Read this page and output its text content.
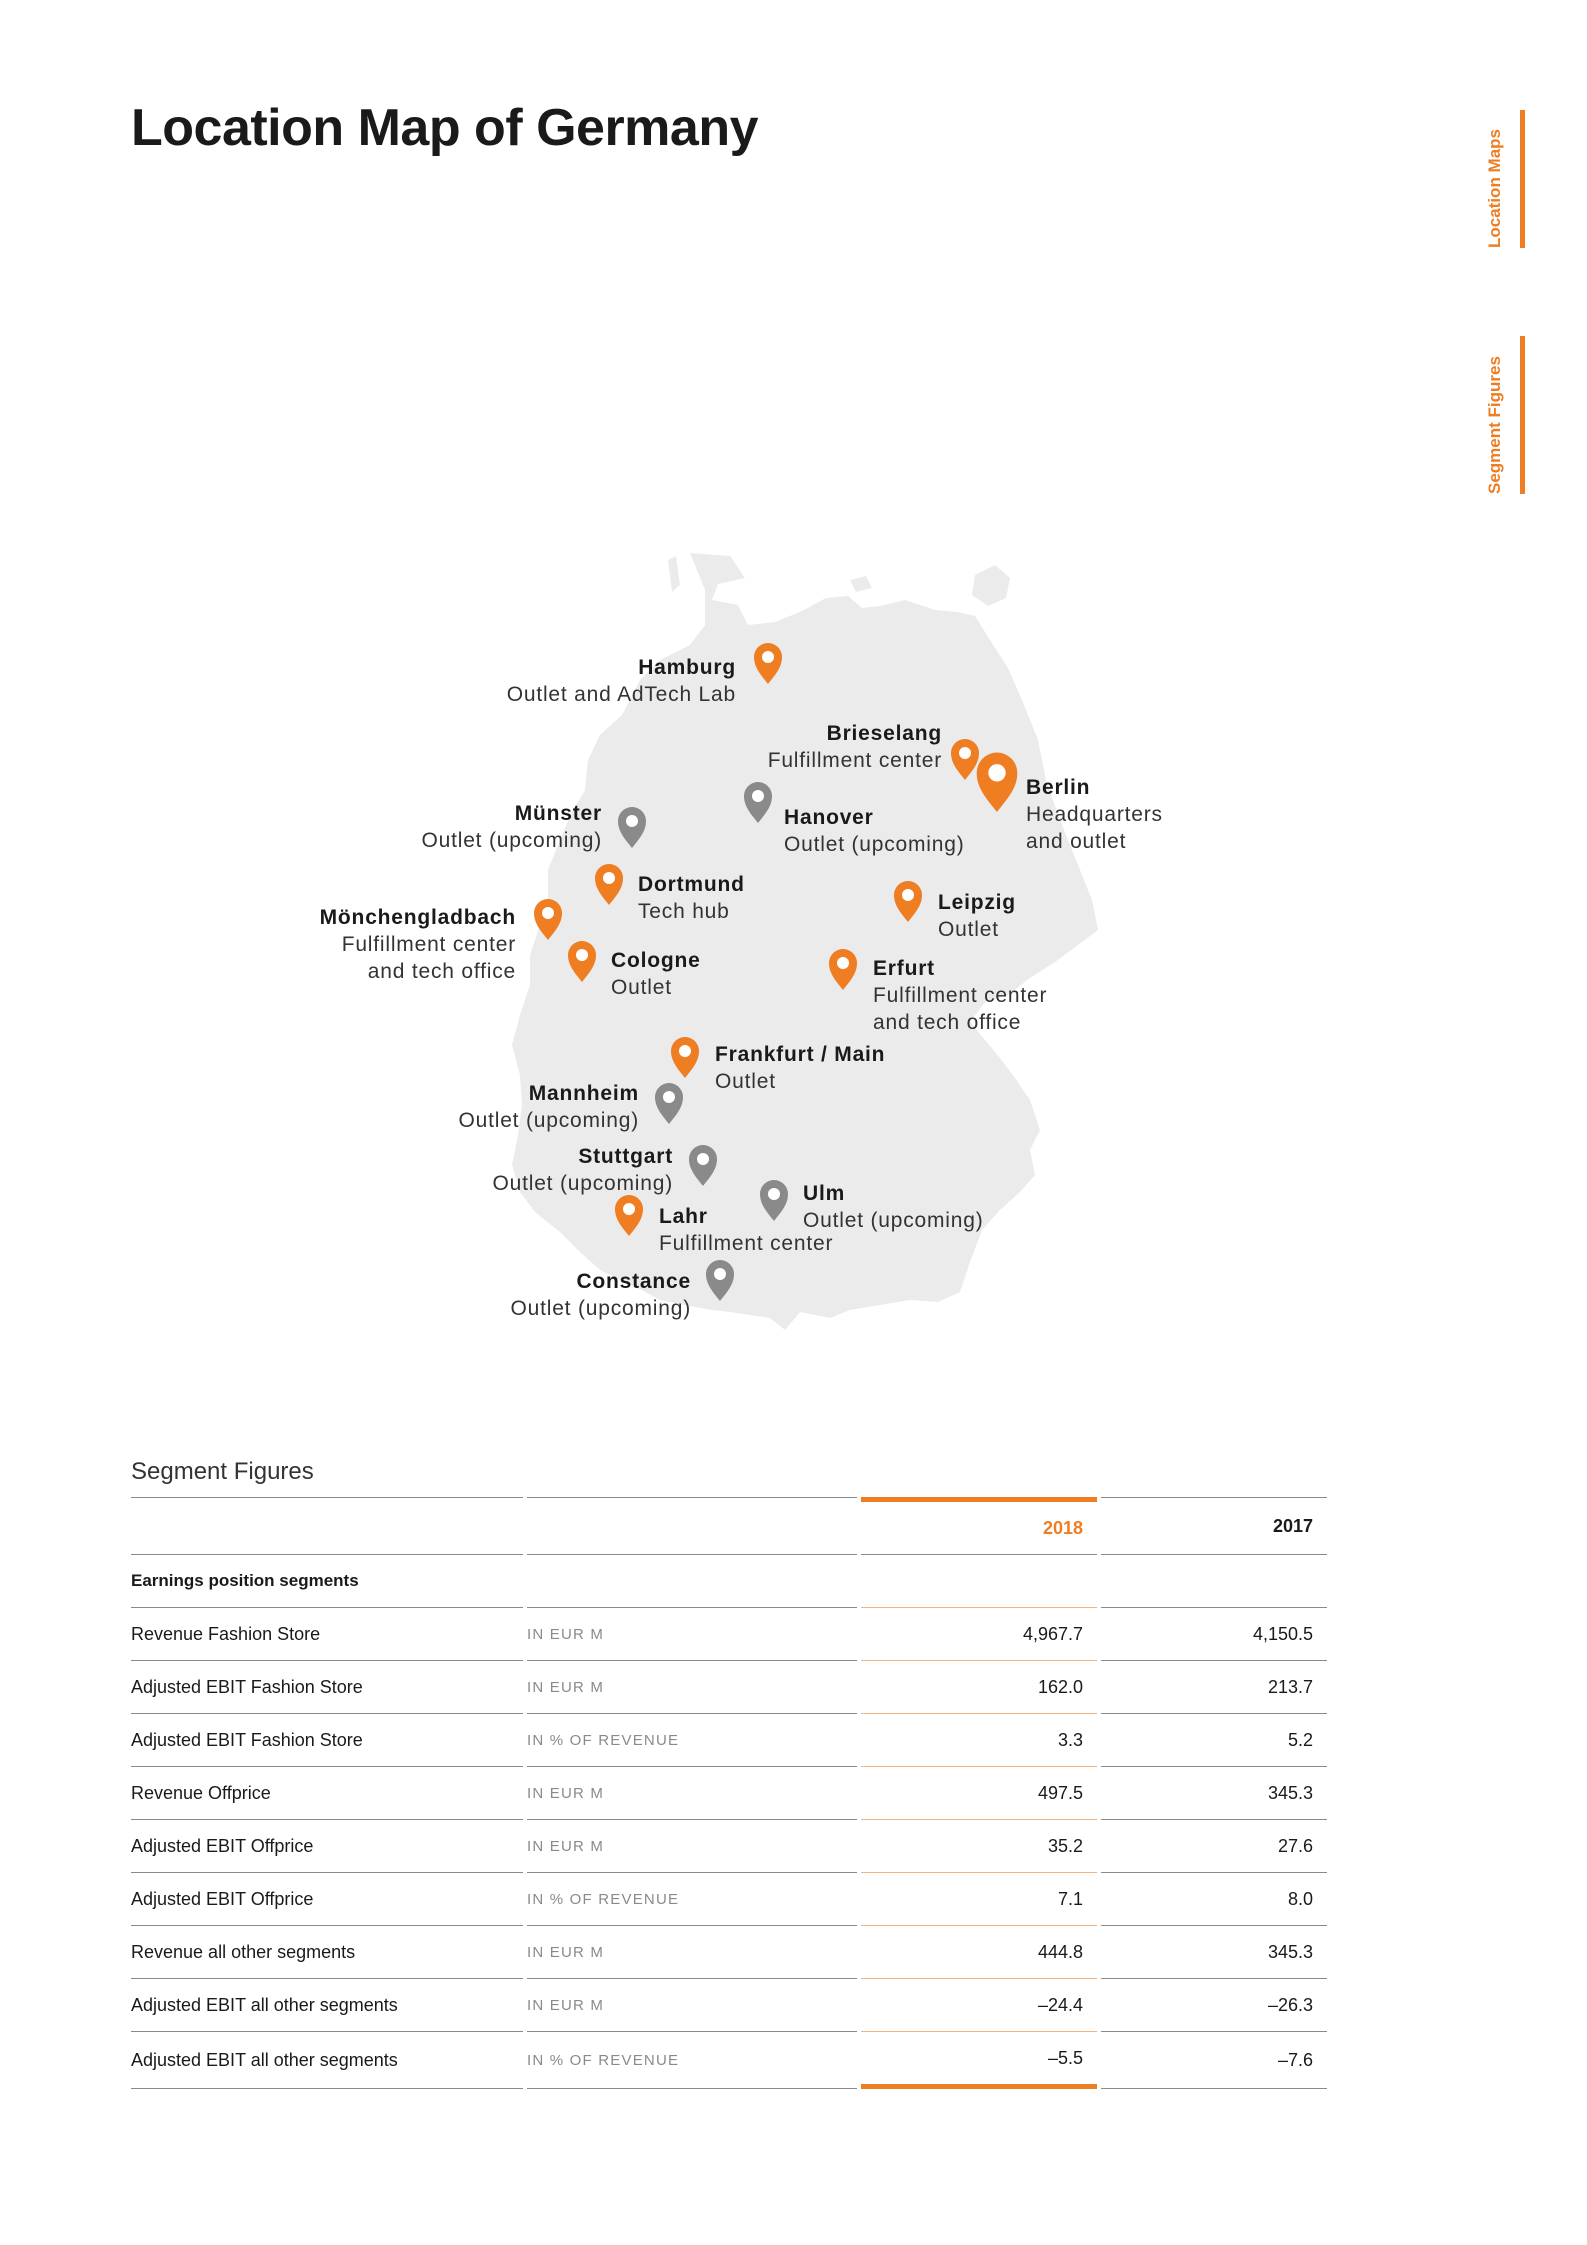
Location Map of Germany
Location Maps
Segment Figures
Hamburg
Outlet and AdTech Lab
Brieselang
Fulfillment center
Berlin
Headquarters
and outlet
Münster
Outlet (upcoming)
Hanover
Outlet (upcoming)
Dortmund
Tech hub	Leipzig
Outlet
Mönchengladbach
Fulfillment center
and tech office	Cologne
Outlet
Erfurt
Fulfillment center
and tech office
Frankfurt / Main
Outlet
Mannheim
Outlet (upcoming)
Stuttgart
Outlet (upcoming)	Ulm
Outlet (upcoming)
Lahr
Fulfillment center
Constance
Outlet (upcoming)
Segment Figures
		2018	2017
Earnings position segments			
Revenue Fashion Store	IN EUR M	4,967.7	4,150.5
Adjusted EBIT Fashion Store	IN EUR M	162.0	213.7
Adjusted EBIT Fashion Store	IN % OF REVENUE	3.3	5.2
Revenue Offprice	IN EUR M	497.5	345.3
Adjusted EBIT Offprice	IN EUR M	35.2	27.6
Adjusted EBIT Offprice	IN % OF REVENUE	7.1	8.0
Revenue all other segments	IN EUR M	444.8	345.3
Adjusted EBIT all other segments	IN EUR M	–24.4	–26.3
Adjusted EBIT all other segments	IN % OF REVENUE	–5.5	–7.6
